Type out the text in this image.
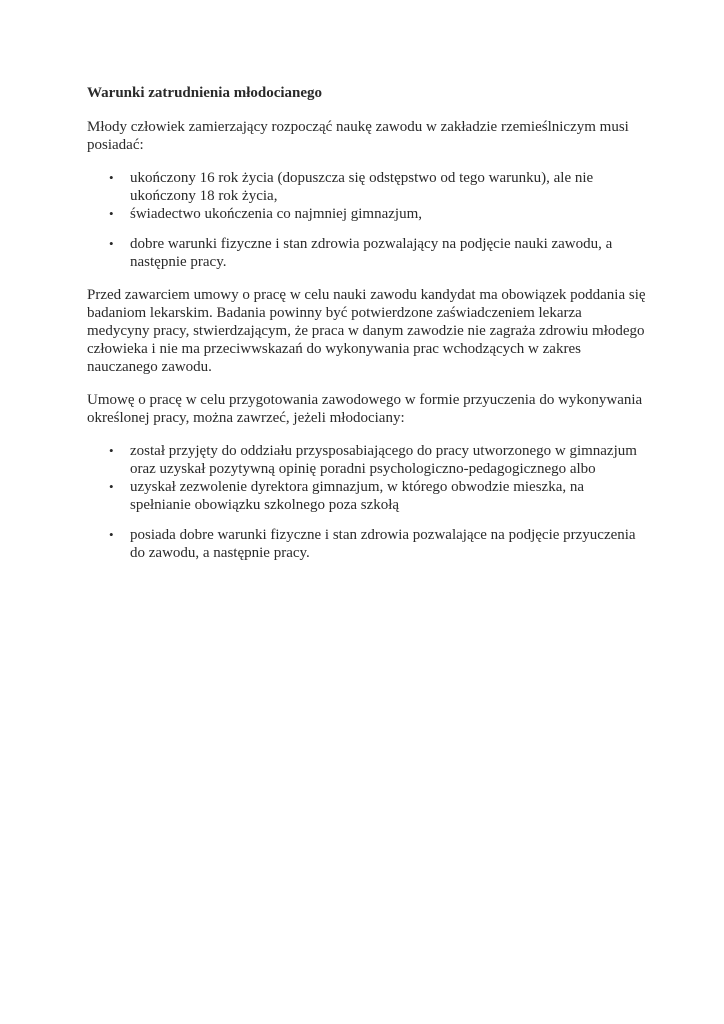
Warunki zatrudnienia młodocianego
Młody człowiek zamierzający rozpocząć naukę zawodu w zakładzie rzemieślniczym musi posiadać:
• ukończony 16 rok życia (dopuszcza się odstępstwo od tego warunku), ale nie ukończony 18 rok życia,
• świadectwo ukończenia co najmniej gimnazjum,
• dobre warunki fizyczne i stan zdrowia pozwalający na podjęcie nauki zawodu, a następnie pracy.
Przed zawarciem umowy o pracę w celu nauki zawodu kandydat ma obowiązek poddania się badaniom lekarskim. Badania powinny być potwierdzone zaświadczeniem lekarza medycyny pracy, stwierdzającym, że praca w danym zawodzie nie zagraża zdrowiu młodego człowieka i nie ma przeciwwskazań do wykonywania prac wchodzących w zakres nauczanego zawodu.
Umowę o pracę w celu przygotowania zawodowego w formie przyuczenia do wykonywania określonej pracy, można zawrzeć, jeżeli młodociany:
• został przyjęty do oddziału przysposabiającego do pracy utworzonego w gimnazjum oraz uzyskał pozytywną opinię poradni psychologiczno-pedagogicznego albo
• uzyskał zezwolenie dyrektora gimnazjum, w którego obwodzie mieszka, na spełnianie obowiązku szkolnego poza szkołą
• posiada dobre warunki fizyczne i stan zdrowia pozwalające na podjęcie przyuczenia do zawodu, a następnie pracy.
